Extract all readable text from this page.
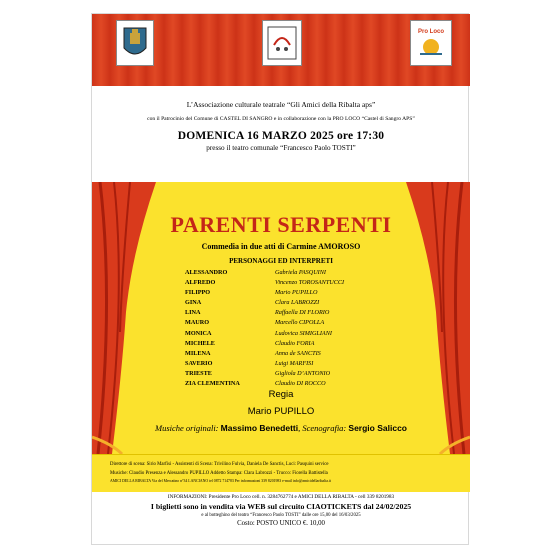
Pro Loco
L’Associazione culturale teatrale “Gli Amici della Ribalta aps”
con il Patrocinio del Comune di CASTEL DI SANGRO e in collaborazione con la PRO LOCO “Castel di Sangro APS”
DOMENICA 16 MARZO 2025 ore 17:30
presso il teatro comunale “Francesco Paolo TOSTI”
PARENTI SERPENTI
Commedia in due atti di Carmine AMOROSO
PERSONAGGI ED INTERPRETI
ALESSANDRO	Gabriela PASQUINI
ALFREDO	Vincenzo TOROSANTUCCI
FILIPPO	Mario PUPILLO
GINA	Clara LABROZZI
LINA	Raffaella DI FLORIO
MAURO	Marcello CIPOLLA
MONICA	Ludovica SIMIGLIANI
MICHELE	Claudio FORIA
MILENA	Anna de SANCTIS
SAVERIO	Luigi MARFISI
TRIESTE	Gigliola D’ANTONIO
ZIA CLEMENTINA	Claudio DI ROCCO
Regia
Mario PUPILLO
Musiche originali: Massimo Benedetti, Scenografia: Sergio Salicco
Direttore di scena: Sirio Marfisi - Assistenti di Scena: Trivilino Fulvia, Daniela De Sanctis, Luci: Pasquini service
Musiche: Claudio Presenza e Alessandro PUPILLO Addetto Stampa: Clara Labrozzi - Trucco: Fiorella Battistella
AMICI DELLA RIBALTA Via del Mercatino n°34 LANCIANO tel 0872 714783 Per informazioni 339 8201983 e-mail info@amicidellaribalta.it
INFORMAZIONI: Presidente Pro Loco cell. n. 3284762774 e AMICI DELLA RIBALTA - cell 339 8201983
I biglietti sono in vendita via WEB sul circuito CIAOTICKETS dal 24/02/2025
e al botteghino del teatro “Francesco Paolo TOSTI” dalle ore 15,00 del 16/03/2025
Costo: POSTO UNICO €. 10,00
